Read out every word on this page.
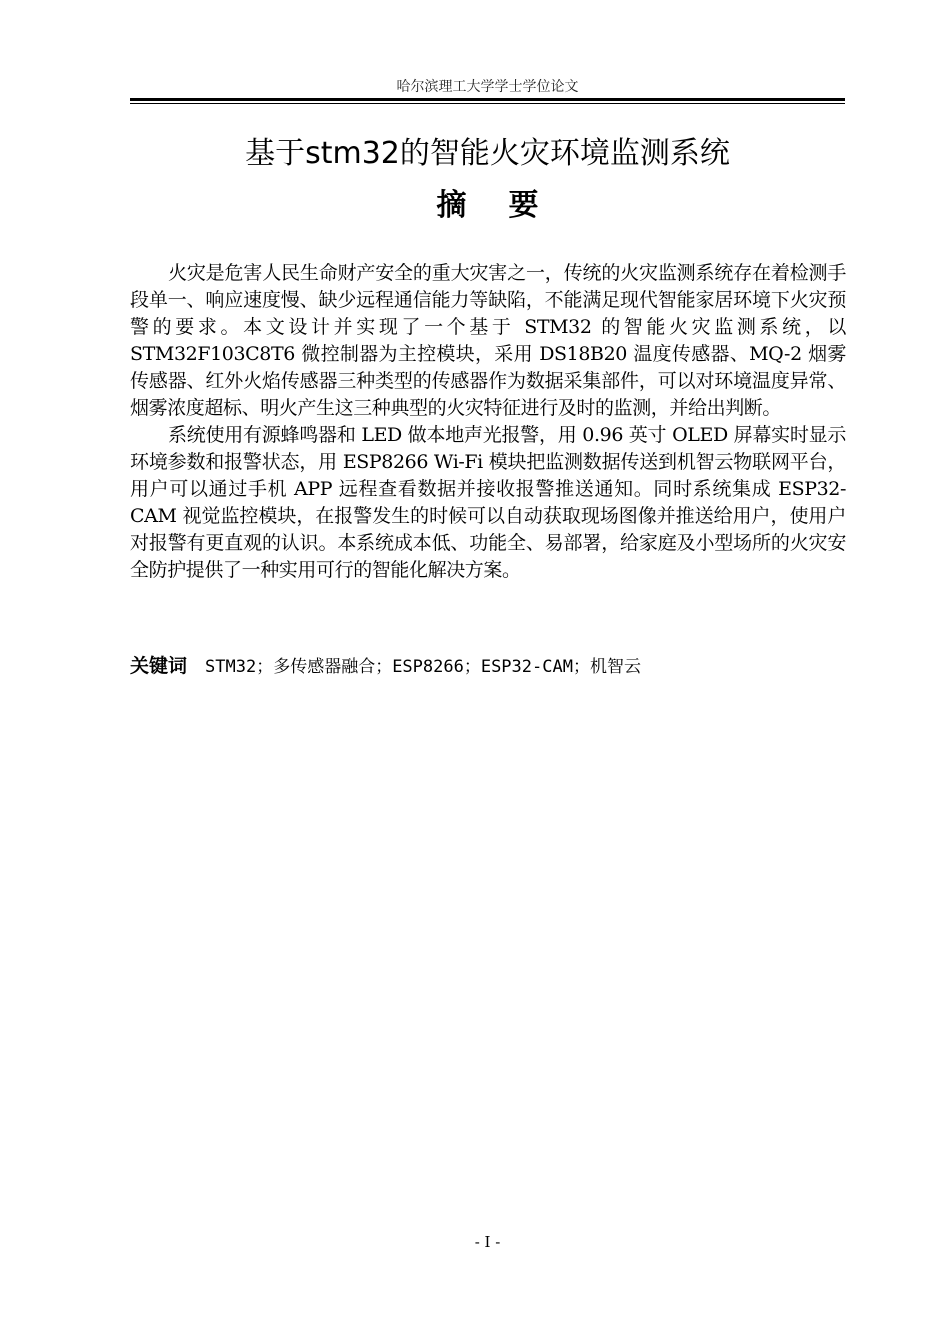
哈尔滨理工大学学士学位论文
基于stm32的智能火灾环境监测系统
摘要

火灾是危害人民生命财产安全的重大灾害之一，传统的火灾监测系统存在着检测手段单一、响应速度慢、缺少远程通信能力等缺陷，不能满足现代智能家居环境下火灾预警的要求。本文设计并实现了一个基于 STM32 的智能火灾监测系统，以 STM32F103C8T6 微控制器为主控模块，采用 DS18B20 温度传感器、MQ-2 烟雾传感器、红外火焰传感器三种类型的传感器作为数据采集部件，可以对环境温度异常、烟雾浓度超标、明火产生这三种典型的火灾特征进行及时的监测，并给出判断。

系统使用有源蜂鸣器和 LED 做本地声光报警，用 0.96 英寸 OLED 屏幕实时显示环境参数和报警状态，用 ESP8266 Wi-Fi 模块把监测数据传送到机智云物联网平台，用户可以通过手机 APP 远程查看数据并接收报警推送通知。同时系统集成 ESP32-CAM 视觉监控模块，在报警发生的时候可以自动获取现场图像并推送给用户，使用户对报警有更直观的认识。本系统成本低、功能全、易部署，给家庭及小型场所的火灾安全防护提供了一种实用可行的智能化解决方案。

关键词 STM32；多传感器融合；ESP8266；ESP32-CAM；机智云
- I -
